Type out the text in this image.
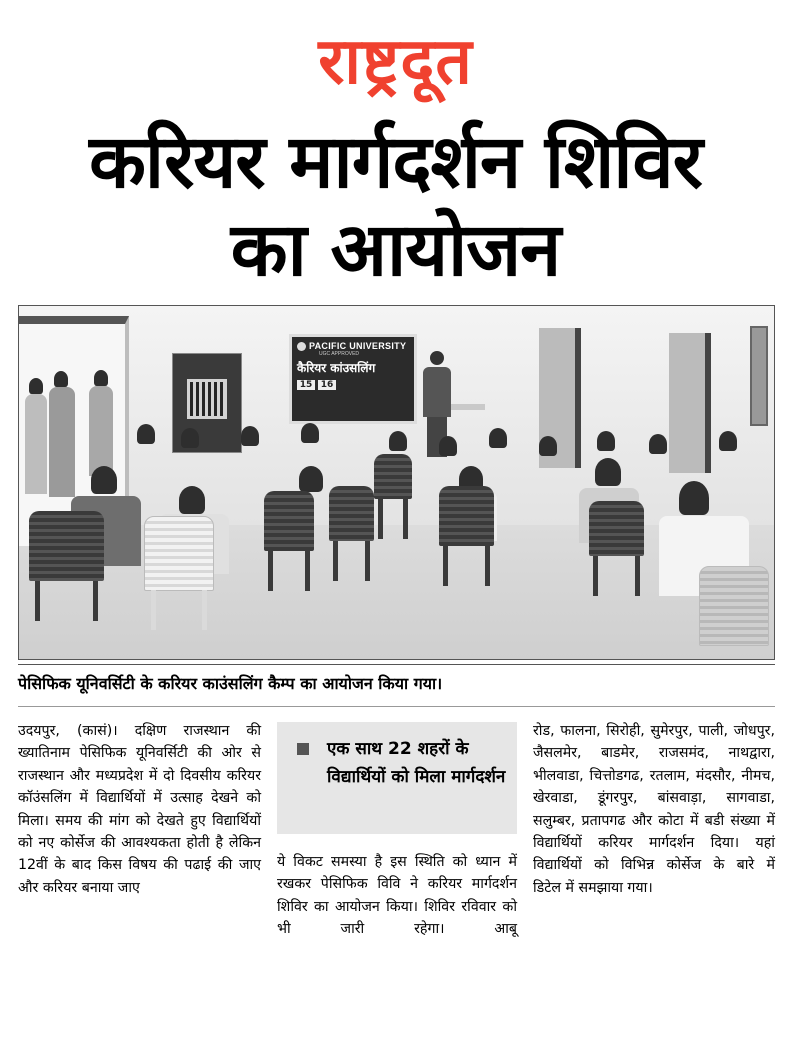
राष्ट्रदूत
करियर मार्गदर्शन शिविर
का आयोजन
PACIFIC UNIVERSITY
UGC APPROVED
कैरियर कांउसलिंग
15 16
पेसिफिक यूनिवर्सिटी के करियर काउंसलिंग कैम्प का आयोजन किया गया।

उदयपुर, (कासं)। दक्षिण राजस्थान की ख्यातिनाम पेसिफिक यूनिवर्सिटी की ओर से राजस्थान और मध्यप्रदेश में दो दिवसीय करियर कॉउंसलिंग में विद्यार्थियों में उत्साह देखने को मिला। समय की मांग को देखते हुए विद्यार्थियों को नए कोर्सेज की आवश्यकता होती है लेकिन 12वीं के बाद किस विषय की पढाई की जाए और करियर बनाया जाए

एक साथ 22 शहरों के विद्यार्थियों को मिला मार्गदर्शन

ये विकट समस्या है इस स्थिति को ध्यान में रखकर पेसिफिक विवि ने करियर मार्गदर्शन शिविर का आयोजन किया। शिविर रविवार को भी जारी रहेगा। आबू

रोड, फालना, सिरोही, सुमेरपुर, पाली, जोधपुर, जैसलमेर, बाडमेर, राजसमंद, नाथद्वारा, भीलवाडा, चित्तोडगढ, रतलाम, मंदसौर, नीमच, खेरवाडा, डूंगरपुर, बांसवाड़ा, सागवाडा, सलुम्बर, प्रतापगढ और कोटा में बडी संख्या में विद्यार्थियों करियर मार्गदर्शन दिया। यहां विद्यार्थियों को विभिन्न कोर्सेज के बारे में

डिटेल में समझाया गया।
